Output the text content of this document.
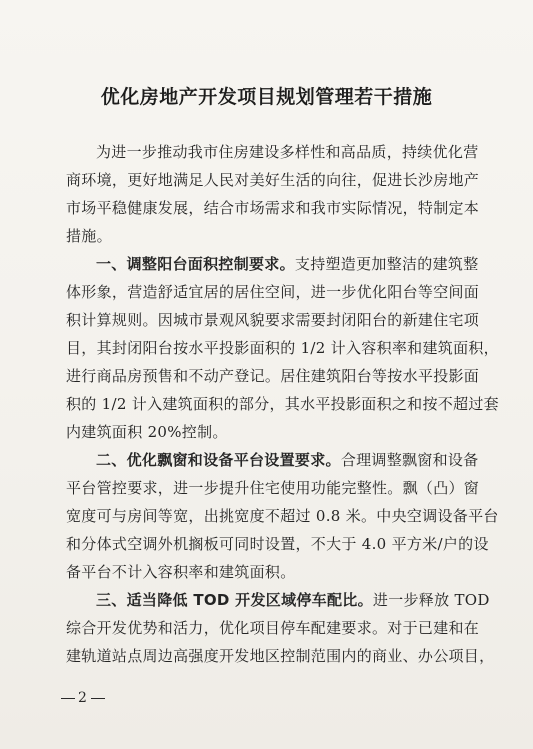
优化房地产开发项目规划管理若干措施
为进一步推动我市住房建设多样性和高品质，持续优化营
商环境，更好地满足人民对美好生活的向往，促进长沙房地产
市场平稳健康发展，结合市场需求和我市实际情况，特制定本
措施。
一、调整阳台面积控制要求。支持塑造更加整洁的建筑整
体形象，营造舒适宜居的居住空间，进一步优化阳台等空间面
积计算规则。因城市景观风貌要求需要封闭阳台的新建住宅项
目，其封闭阳台按水平投影面积的 1/2 计入容积率和建筑面积，
进行商品房预售和不动产登记。居住建筑阳台等按水平投影面
积的 1/2 计入建筑面积的部分，其水平投影面积之和按不超过套
内建筑面积 20%控制。
二、优化飘窗和设备平台设置要求。合理调整飘窗和设备
平台管控要求，进一步提升住宅使用功能完整性。飘（凸）窗
宽度可与房间等宽，出挑宽度不超过 0.8 米。中央空调设备平台
和分体式空调外机搁板可同时设置，不大于 4.0 平方米/户的设
备平台不计入容积率和建筑面积。
三、适当降低 TOD 开发区域停车配比。进一步释放 TOD
综合开发优势和活力，优化项目停车配建要求。对于已建和在
建轨道站点周边高强度开发地区控制范围内的商业、办公项目，
2
